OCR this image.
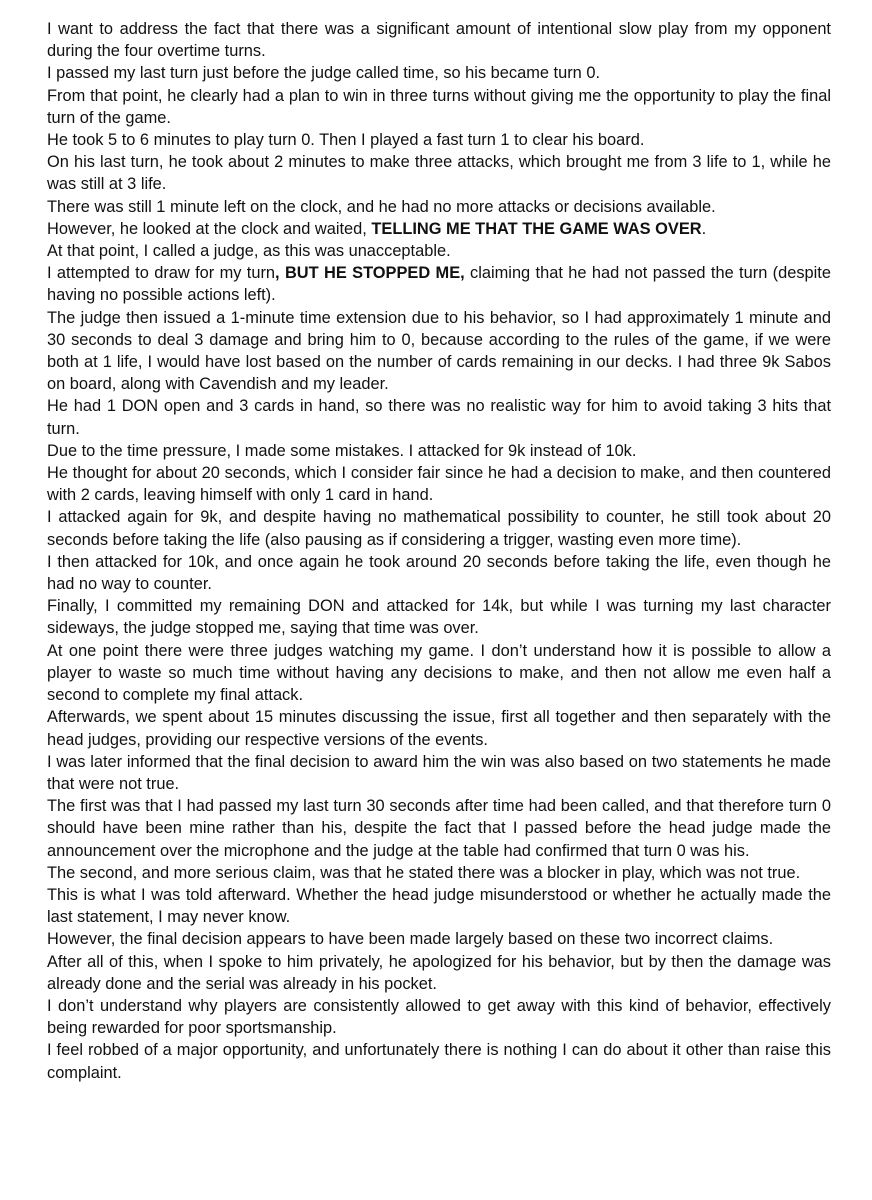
I want to address the fact that there was a significant amount of intentional slow play from my opponent during the four overtime turns.

I passed my last turn just before the judge called time, so his became turn 0.

From that point, he clearly had a plan to win in three turns without giving me the opportunity to play the final turn of the game.

He took 5 to 6 minutes to play turn 0. Then I played a fast turn 1 to clear his board.

On his last turn, he took about 2 minutes to make three attacks, which brought me from 3 life to 1, while he was still at 3 life.

There was still 1 minute left on the clock, and he had no more attacks or decisions available.

However, he looked at the clock and waited, TELLING ME THAT THE GAME WAS OVER.

At that point, I called a judge, as this was unacceptable.

I attempted to draw for my turn, BUT HE STOPPED ME, claiming that he had not passed the turn (despite having no possible actions left).

The judge then issued a 1-minute time extension due to his behavior, so I had approximately 1 minute and 30 seconds to deal 3 damage and bring him to 0, because according to the rules of the game, if we were both at 1 life, I would have lost based on the number of cards remaining in our decks. I had three 9k Sabos on board, along with Cavendish and my leader.

He had 1 DON open and 3 cards in hand, so there was no realistic way for him to avoid taking 3 hits that turn.

Due to the time pressure, I made some mistakes. I attacked for 9k instead of 10k.

He thought for about 20 seconds, which I consider fair since he had a decision to make, and then countered with 2 cards, leaving himself with only 1 card in hand.

I attacked again for 9k, and despite having no mathematical possibility to counter, he still took about 20 seconds before taking the life (also pausing as if considering a trigger, wasting even more time).

I then attacked for 10k, and once again he took around 20 seconds before taking the life, even though he had no way to counter.

Finally, I committed my remaining DON and attacked for 14k, but while I was turning my last character sideways, the judge stopped me, saying that time was over.

At one point there were three judges watching my game. I don’t understand how it is possible to allow a player to waste so much time without having any decisions to make, and then not allow me even half a second to complete my final attack.

Afterwards, we spent about 15 minutes discussing the issue, first all together and then separately with the head judges, providing our respective versions of the events.

I was later informed that the final decision to award him the win was also based on two statements he made that were not true.

The first was that I had passed my last turn 30 seconds after time had been called, and that therefore turn 0 should have been mine rather than his, despite the fact that I passed before the head judge made the announcement over the microphone and the judge at the table had confirmed that turn 0 was his.

The second, and more serious claim, was that he stated there was a blocker in play, which was not true.

This is what I was told afterward. Whether the head judge misunderstood or whether he actually made the last statement, I may never know.

However, the final decision appears to have been made largely based on these two incorrect claims.

After all of this, when I spoke to him privately, he apologized for his behavior, but by then the damage was already done and the serial was already in his pocket.

I don’t understand why players are consistently allowed to get away with this kind of behavior, effectively being rewarded for poor sportsmanship.

I feel robbed of a major opportunity, and unfortunately there is nothing I can do about it other than raise this complaint.
